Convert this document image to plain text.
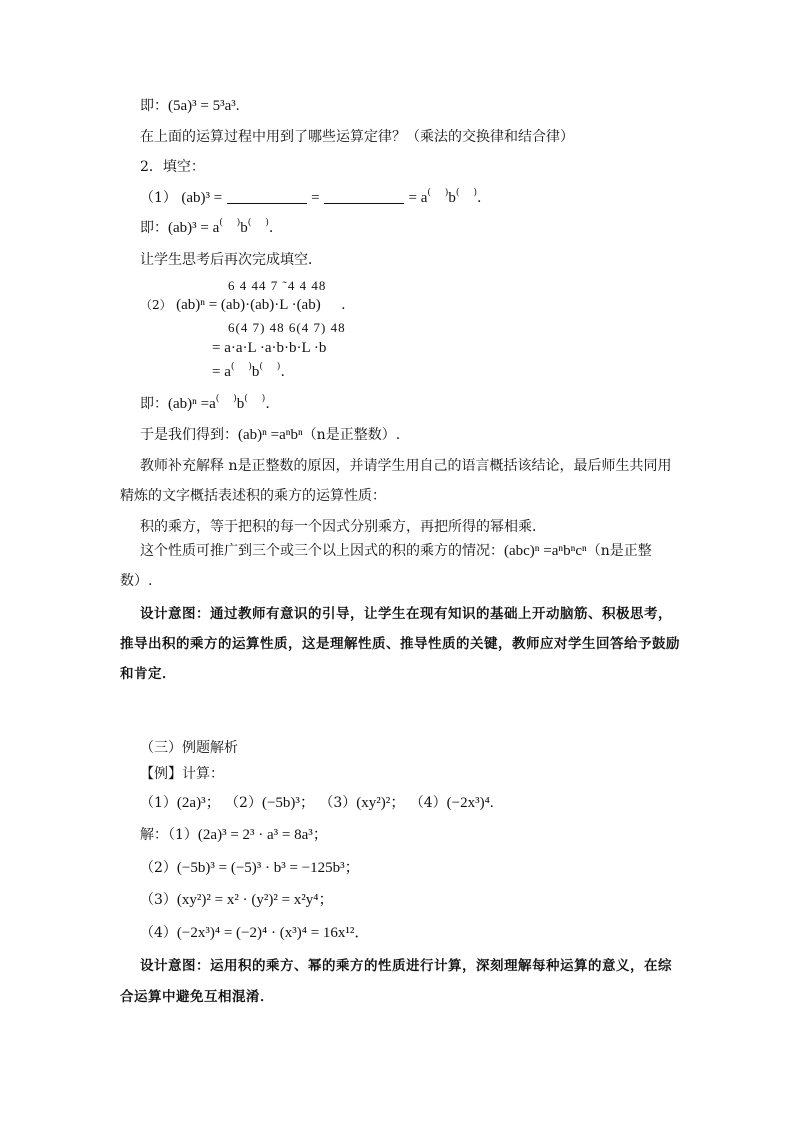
即：(5a)³ = 5³a³.
在上面的运算过程中用到了哪些运算定律？（乘法的交换律和结合律）
2．填空：
（1） (ab)³ =	=	= a( )b( ).
即：(ab)³ = a( )b( ).
让学生思考后再次完成填空．
6 4 44 7 ˜4 4 48
（2） (ab)ⁿ = (ab)·(ab)·L ·(ab) .
6(4 7) 48 6(4 7) 48
= a·a·L ·a·b·b·L ·b
= a( )b( ).
即：(ab)ⁿ =a( )b( ).
于是我们得到：(ab)ⁿ =aⁿbⁿ（n是正整数）.
教师补充解释 n是正整数的原因，并请学生用自己的语言概括该结论，最后师生共同用
精炼的文字概括表述积的乘方的运算性质：
积的乘方，等于把积的每一个因式分别乘方，再把所得的幂相乘．
这个性质可推广到三个或三个以上因式的积的乘方的情况：(abc)ⁿ =aⁿbⁿcⁿ（n是正整
数）.
设计意图：通过教师有意识的引导，让学生在现有知识的基础上开动脑筋、积极思考，
推导出积的乘方的运算性质，这是理解性质、推导性质的关键，教师应对学生回答给予鼓励
和肯定．
（三）例题解析
【例】计算：
（1）(2a)³； （2）(−5b)³； （3）(xy²)²； （4）(−2x³)⁴.
解：（1）(2a)³ = 2³ · a³ = 8a³；
（2）(−5b)³ = (−5)³ · b³ = −125b³；
（3）(xy²)² = x² · (y²)² = x²y⁴；
（4）(−2x³)⁴ = (−2)⁴ · (x³)⁴ = 16x¹²．
设计意图：运用积的乘方、幂的乘方的性质进行计算，深刻理解每种运算的意义，在综
合运算中避免互相混淆．
